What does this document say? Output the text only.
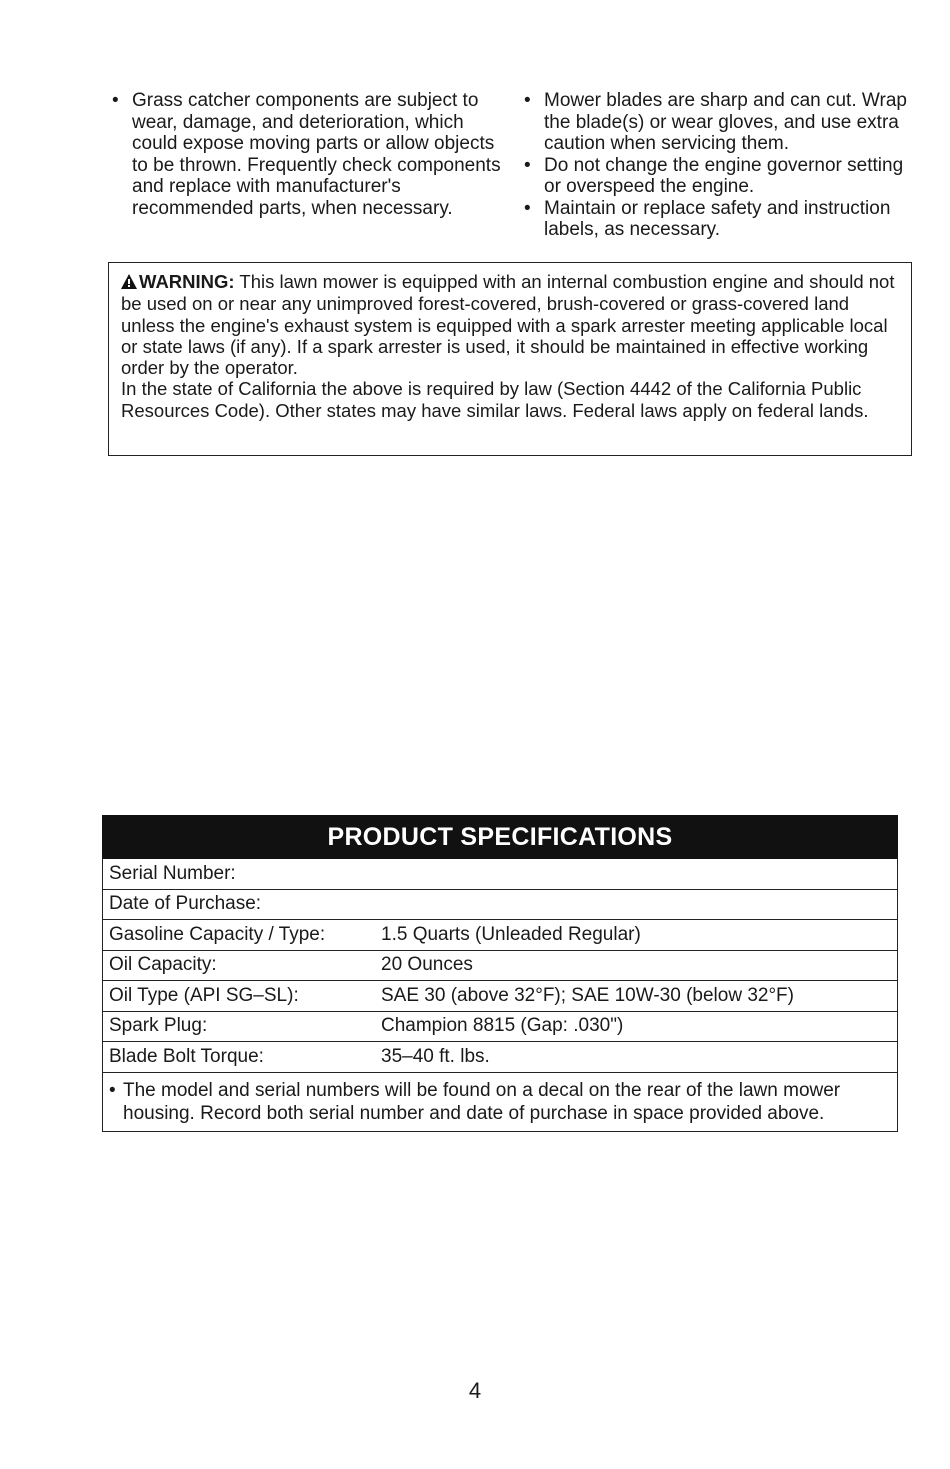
• Grass catcher components are subject to wear, damage, and deterioration, which could expose moving parts or allow objects to be thrown. Frequently check components and replace with manufacturer's recommended parts, when necessary.

• Mower blades are sharp and can cut. Wrap the blade(s) or wear gloves, and use extra caution when servicing them.

• Do not change the engine governor setting or overspeed the engine.

• Maintain or replace safety and instruction labels, as necessary.

WARNING: This lawn mower is equipped with an internal combustion engine and should not be used on or near any unimproved forest-covered, brush-covered or grass-covered land unless the engine's exhaust system is equipped with a spark arrester meeting applicable local or state laws (if any). If a spark arrester is used, it should be maintained in effective working order by the operator.
In the state of California the above is required by law (Section 4442 of the California Public Resources Code). Other states may have similar laws. Federal laws apply on federal lands.
PRODUCT SPECIFICATIONS
Serial Number:
Date of Purchase:
Gasoline Capacity / Type:	1.5 Quarts (Unleaded Regular)
Oil Capacity:	20 Ounces
Oil Type (API SG–SL):	SAE 30 (above 32°F); SAE 10W-30 (below 32°F)
Spark Plug:	Champion 8815 (Gap: .030")
Blade Bolt Torque:	35–40 ft. lbs.

• The model and serial numbers will be found on a decal on the rear of the lawn mower housing. Record both serial number and date of purchase in space provided above.

4
